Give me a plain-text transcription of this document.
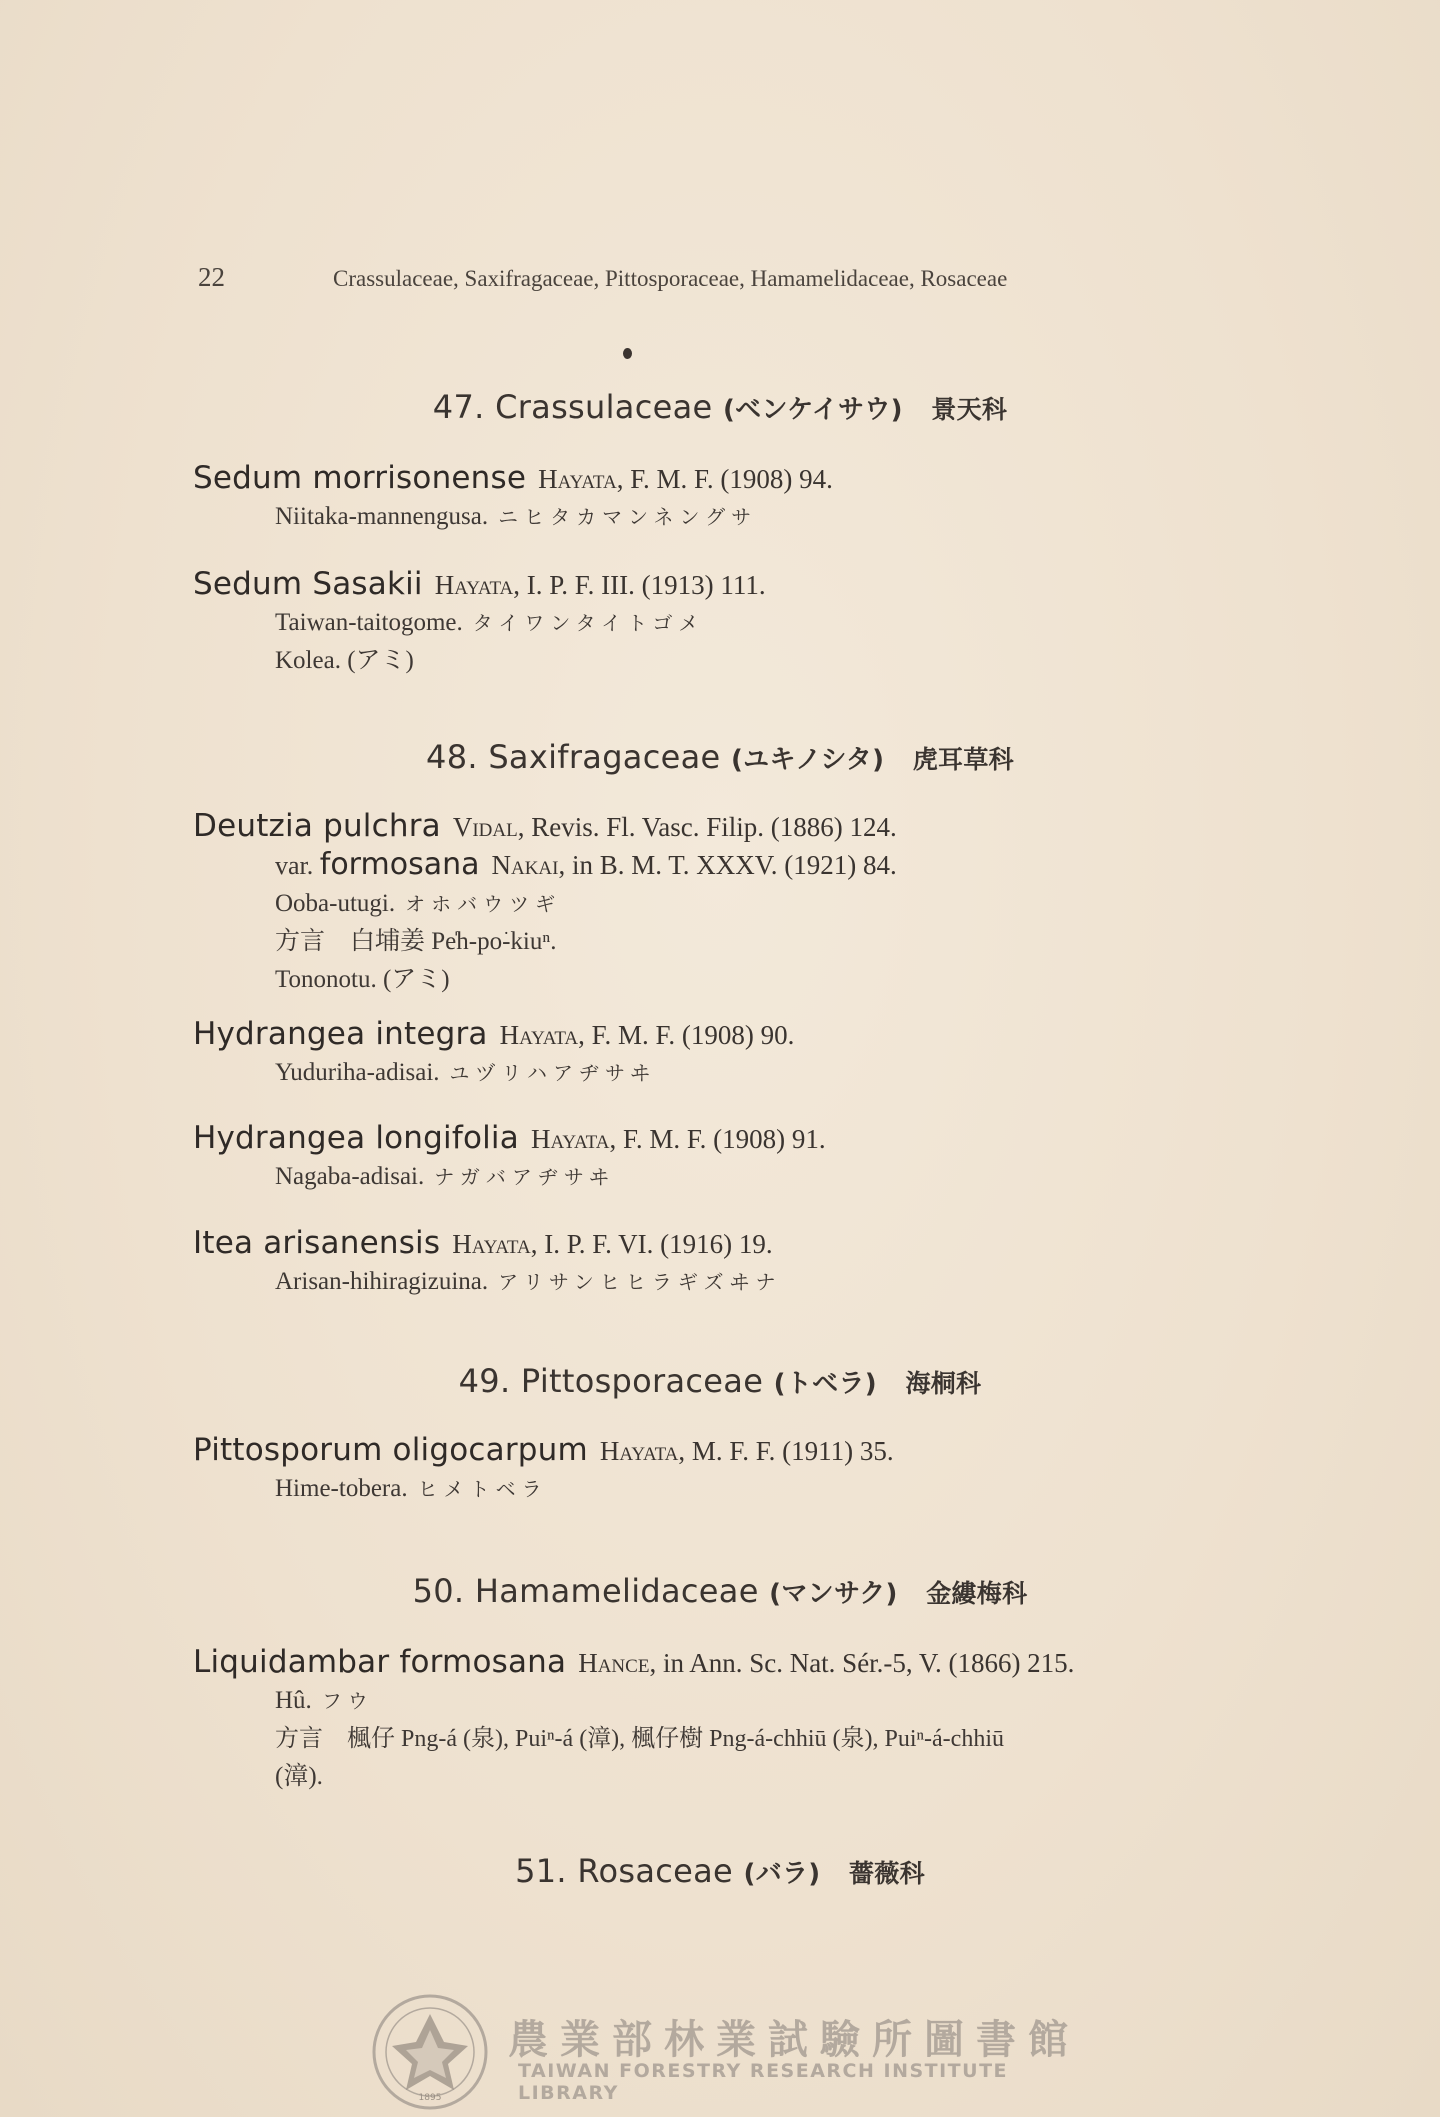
22	Crassulaceae, Saxifragaceae, Pittosporaceae, Hamamelidaceae, Rosaceae
47. Crassulaceae (ベンケイサウ) 景天科
Sedum morrisonense Hayata, F. M. F. (1908) 94.
Niitaka-mannengusa. ニヒタカマンネングサ
Sedum Sasakii Hayata, I. P. F. III. (1913) 111.
Taiwan-taitogome. タイワンタイトゴメ
Kolea. (アミ)
48. Saxifragaceae (ユキノシタ) 虎耳草科
Deutzia pulchra Vidal, Revis. Fl. Vasc. Filip. (1886) 124.
var. formosana Nakai, in B. M. T. XXXV. (1921) 84.
Ooba-utugi. オホバウツギ
方言　白埔姜 Pe̍h-po͘-kiuⁿ.
Tononotu. (アミ)
Hydrangea integra Hayata, F. M. F. (1908) 90.
Yuduriha-adisai. ユヅリハアヂサヰ
Hydrangea longifolia Hayata, F. M. F. (1908) 91.
Nagaba-adisai. ナガバアヂサヰ
Itea arisanensis Hayata, I. P. F. VI. (1916) 19.
Arisan-hihiragizuina. アリサンヒヒラギズヰナ
49. Pittosporaceae (トベラ) 海桐科
Pittosporum oligocarpum Hayata, M. F. F. (1911) 35.
Hime-tobera. ヒメトベラ
50. Hamamelidaceae (マンサク) 金縷梅科
Liquidambar formosana Hance, in Ann. Sc. Nat. Sér.-5, V. (1866) 215.
Hû. フウ
方言　楓仔 Png-á (泉), Puiⁿ-á (漳), 楓仔樹 Png-á-chhiū (泉), Puiⁿ-á-chhiū
(漳).
51. Rosaceae (バラ) 薔薇科
1895
農業部林業試驗所圖書館
TAIWAN FORESTRY RESEARCH INSTITUTE LIBRARY
